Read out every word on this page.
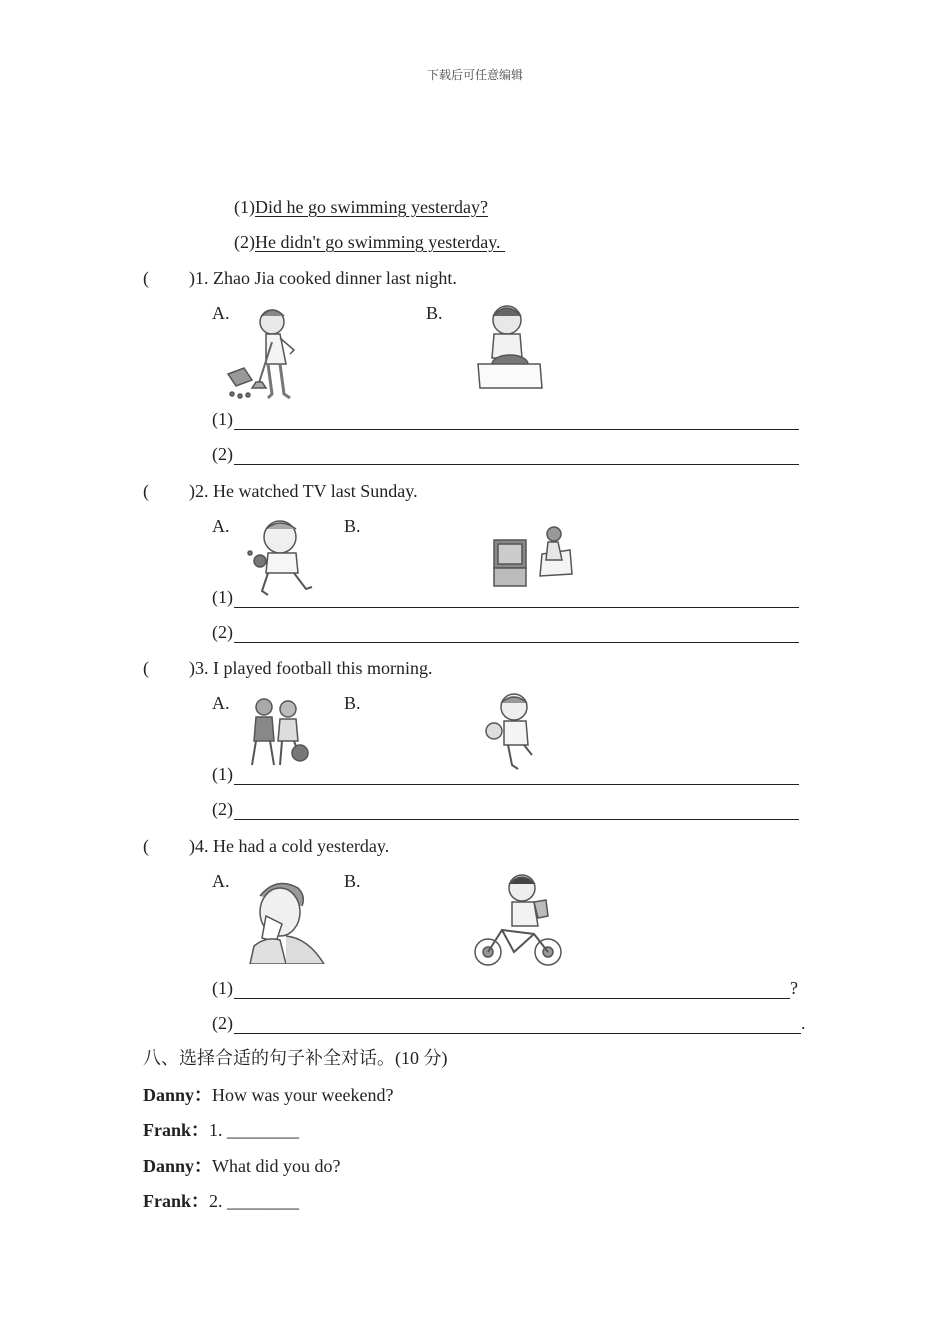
下载后可任意编辑
(1)Did he go swimming yesterday?
(2)He didn't go swimming yesterday.
( )1. Zhao Jia cooked dinner last night.
A.	B.
(1)
(2)
( )2. He watched TV last Sunday.
A.	B.
(1)
(2)
( )3. I played football this morning.
A.	B.
(1)
(2)
( )4. He had a cold yesterday.
A.	B.
(1)	?
(2)	.
八、选择合适的句子补全对话。(10 分)
Danny：How was your weekend?
Frank：1. ________
Danny：What did you do?
Frank：2. ________
